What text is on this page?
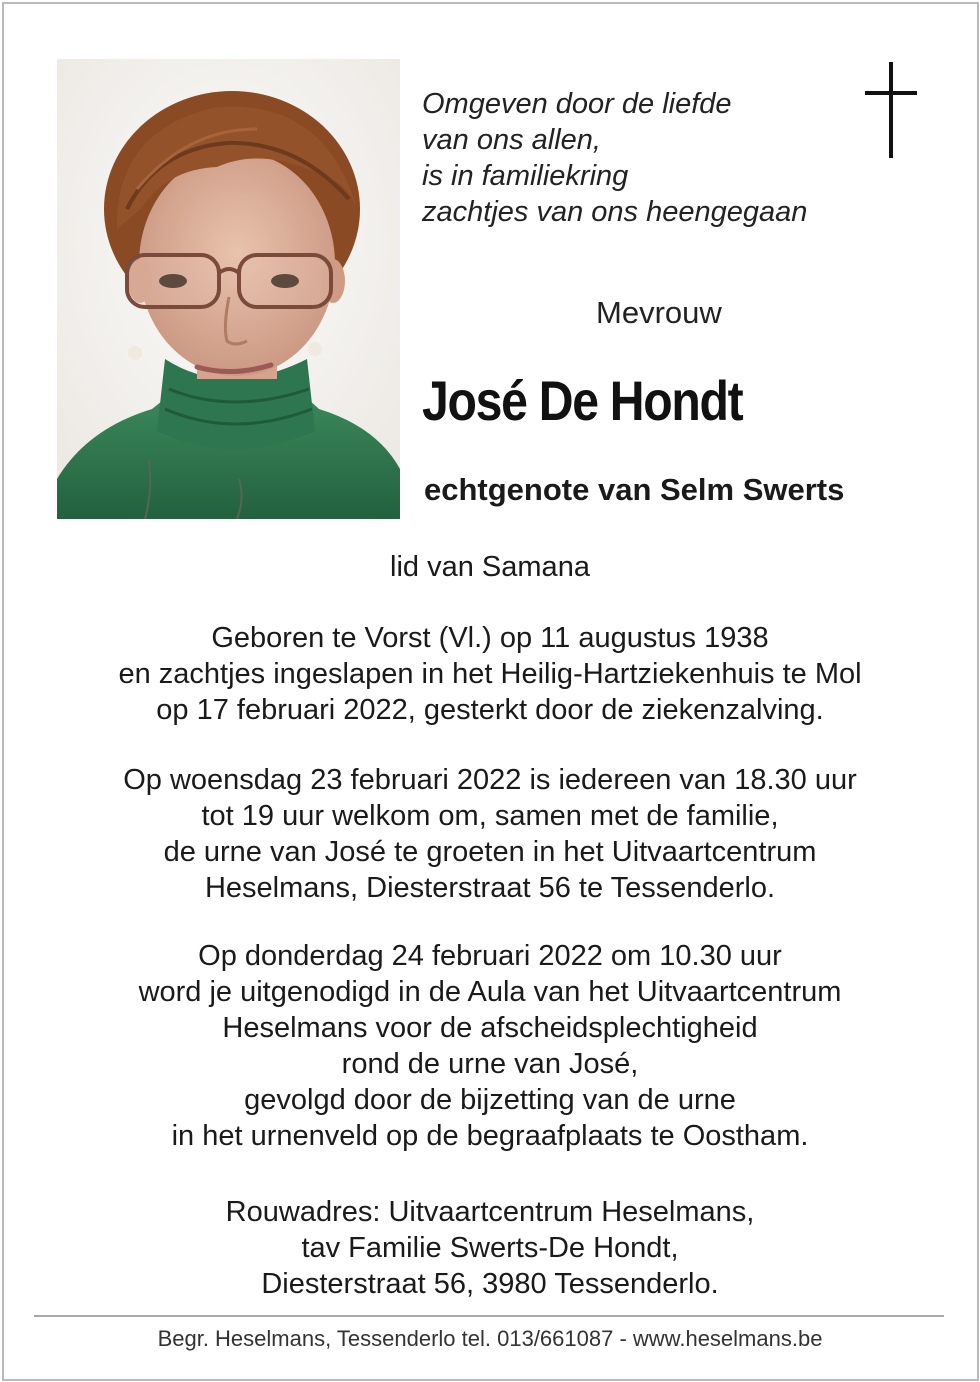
Omgeven door de liefde
van ons allen,
is in familiekring
zachtjes van ons heengegaan
Mevrouw
José De Hondt
echtgenote van Selm Swerts
lid van Samana
Geboren te Vorst (Vl.) op 11 augustus 1938
en zachtjes ingeslapen in het Heilig-Hartziekenhuis te Mol
op 17 februari 2022, gesterkt door de ziekenzalving.
Op woensdag 23 februari 2022 is iedereen van 18.30 uur
tot 19 uur welkom om, samen met de familie,
de urne van José te groeten in het Uitvaartcentrum
Heselmans, Diesterstraat 56 te Tessenderlo.
Op donderdag 24 februari 2022 om 10.30 uur
word je uitgenodigd in de Aula van het Uitvaartcentrum
Heselmans voor de afscheidsplechtigheid
rond de urne van José,
gevolgd door de bijzetting van de urne
in het urnenveld op de begraafplaats te Oostham.
Rouwadres: Uitvaartcentrum Heselmans,
tav Familie Swerts-De Hondt,
Diesterstraat 56, 3980 Tessenderlo.
Begr. Heselmans, Tessenderlo tel. 013/661087 - www.heselmans.be
